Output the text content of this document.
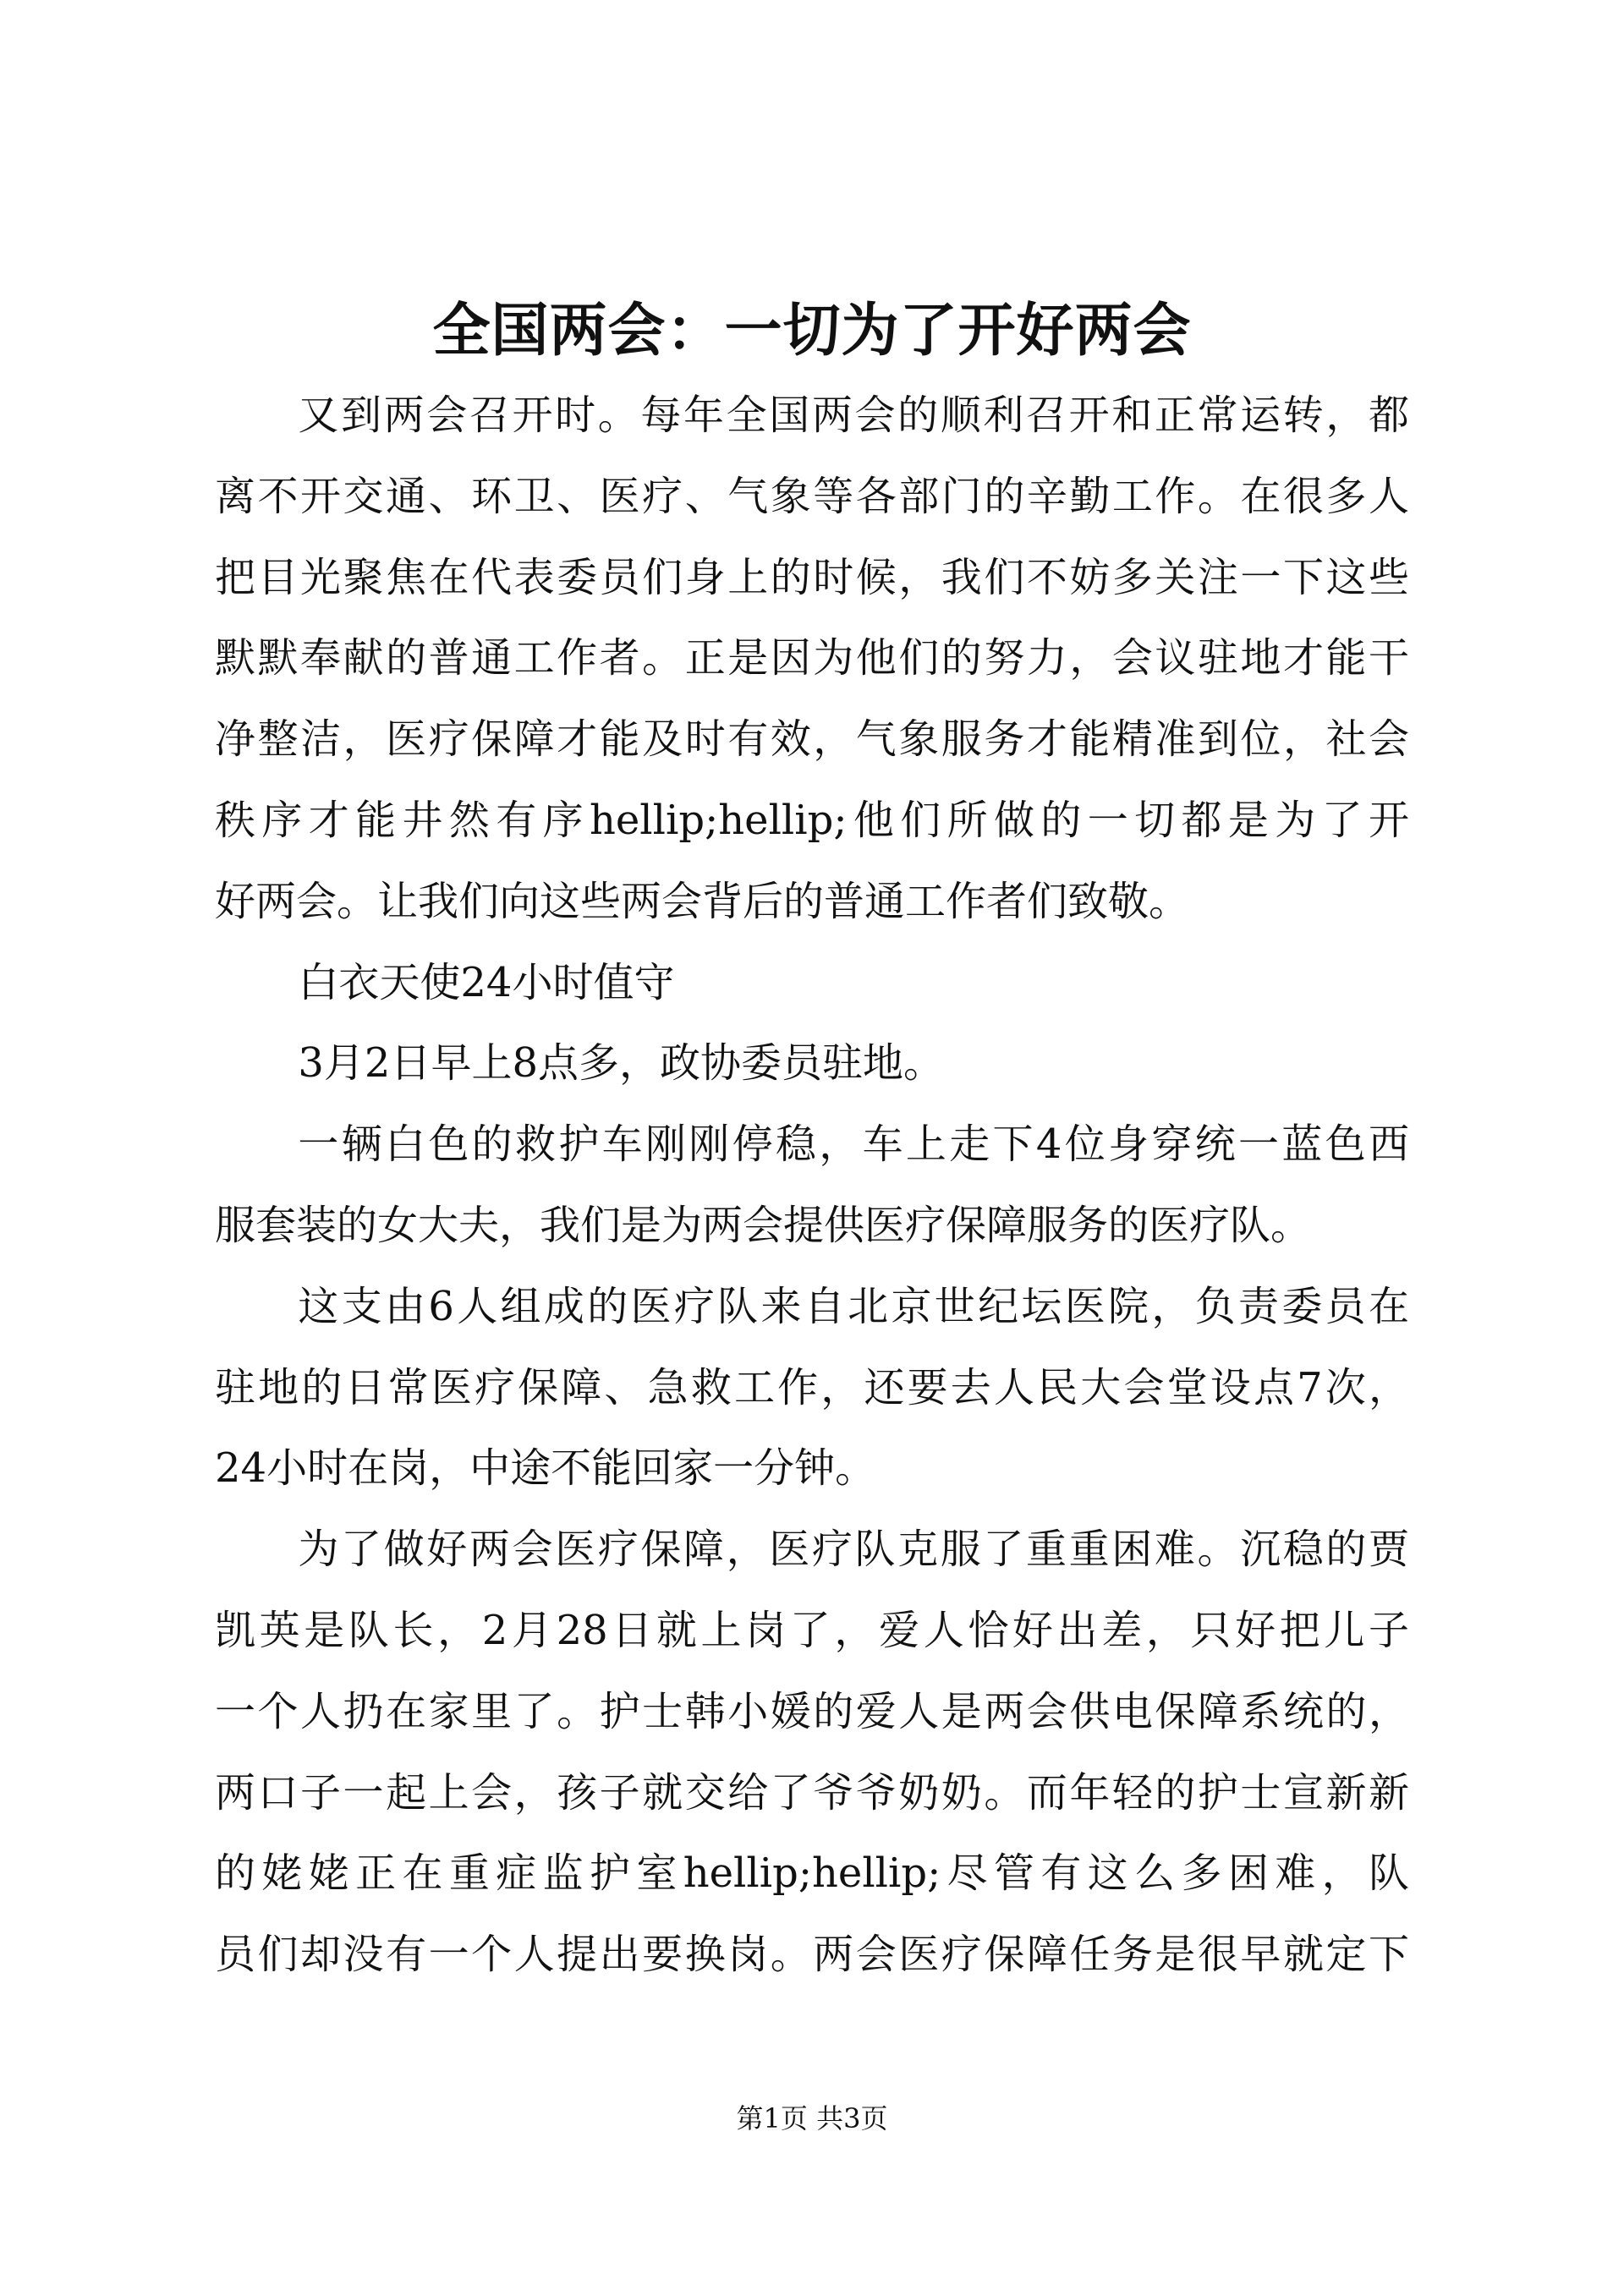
全国两会：一切为了开好两会
又到两会召开时。每年全国两会的顺利召开和正常运转，都
离不开交通、环卫、医疗、气象等各部门的辛勤工作。在很多人
把目光聚焦在代表委员们身上的时候，我们不妨多关注一下这些
默默奉献的普通工作者。正是因为他们的努力，会议驻地才能干
净整洁，医疗保障才能及时有效，气象服务才能精准到位，社会
秩序才能井然有序hellip;hellip;他们所做的一切都是为了开
好两会。让我们向这些两会背后的普通工作者们致敬。
白衣天使24小时值守
3月2日早上8点多，政协委员驻地。
一辆白色的救护车刚刚停稳，车上走下4位身穿统一蓝色西
服套装的女大夫，我们是为两会提供医疗保障服务的医疗队。
这支由6人组成的医疗队来自北京世纪坛医院，负责委员在
驻地的日常医疗保障、急救工作，还要去人民大会堂设点7次，
24小时在岗，中途不能回家一分钟。
为了做好两会医疗保障，医疗队克服了重重困难。沉稳的贾
凯英是队长，2月28日就上岗了，爱人恰好出差，只好把儿子
一个人扔在家里了。护士韩小媛的爱人是两会供电保障系统的，
两口子一起上会，孩子就交给了爷爷奶奶。而年轻的护士宣新新
的姥姥正在重症监护室hellip;hellip;尽管有这么多困难，队
员们却没有一个人提出要换岗。两会医疗保障任务是很早就定下
第1页 共3页
